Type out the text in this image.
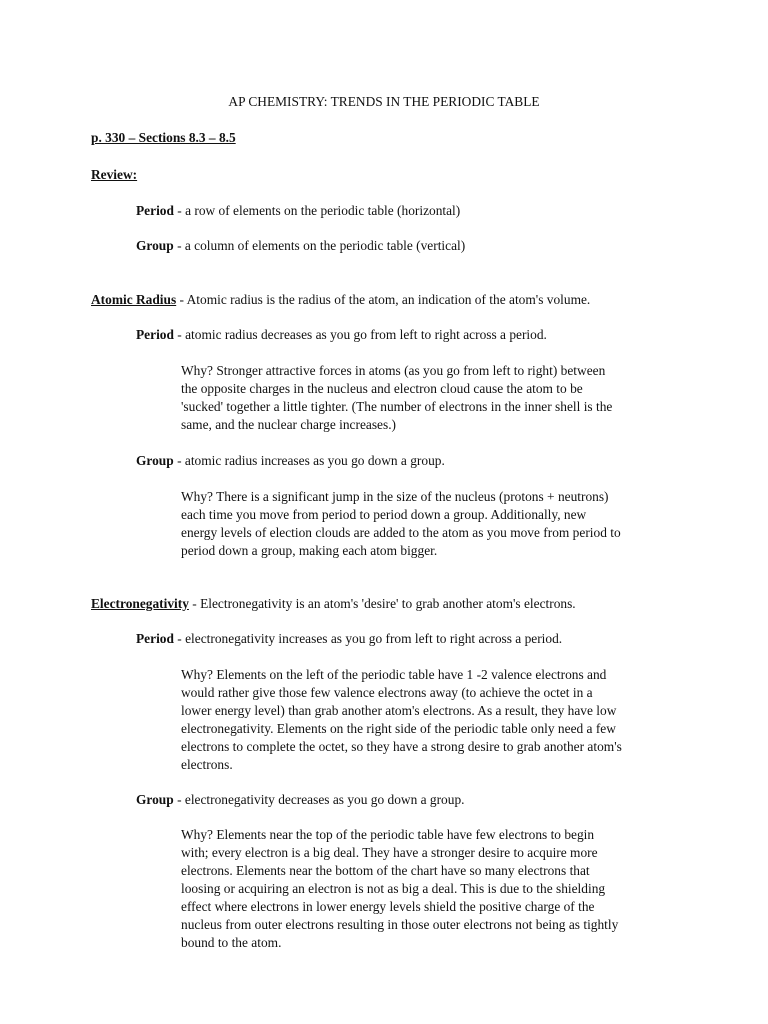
AP CHEMISTRY: TRENDS IN THE PERIODIC TABLE
p. 330 – Sections 8.3 – 8.5
Review:
Period - a row of elements on the periodic table (horizontal)
Group - a column of elements on the periodic table (vertical)
Atomic Radius - Atomic radius is the radius of the atom, an indication of the atom's volume.
Period - atomic radius decreases as you go from left to right across a period.
Why? Stronger attractive forces in atoms (as you go from left to right) between
the opposite charges in the nucleus and electron cloud cause the atom to be
'sucked' together a little tighter. (The number of electrons in the inner shell is the
same, and the nuclear charge increases.)
Group - atomic radius increases as you go down a group.
Why? There is a significant jump in the size of the nucleus (protons + neutrons)
each time you move from period to period down a group. Additionally, new
energy levels of election clouds are added to the atom as you move from period to
period down a group, making each atom bigger.
Electronegativity - Electronegativity is an atom's 'desire' to grab another atom's electrons.
Period - electronegativity increases as you go from left to right across a period.
Why? Elements on the left of the periodic table have 1 -2 valence electrons and
would rather give those few valence electrons away (to achieve the octet in a
lower energy level) than grab another atom's electrons. As a result, they have low
electronegativity. Elements on the right side of the periodic table only need a few
electrons to complete the octet, so they have a strong desire to grab another atom's
electrons.
Group - electronegativity decreases as you go down a group.
Why? Elements near the top of the periodic table have few electrons to begin
with; every electron is a big deal. They have a stronger desire to acquire more
electrons. Elements near the bottom of the chart have so many electrons that
loosing or acquiring an electron is not as big a deal. This is due to the shielding
effect where electrons in lower energy levels shield the positive charge of the
nucleus from outer electrons resulting in those outer electrons not being as tightly
bound to the atom.
